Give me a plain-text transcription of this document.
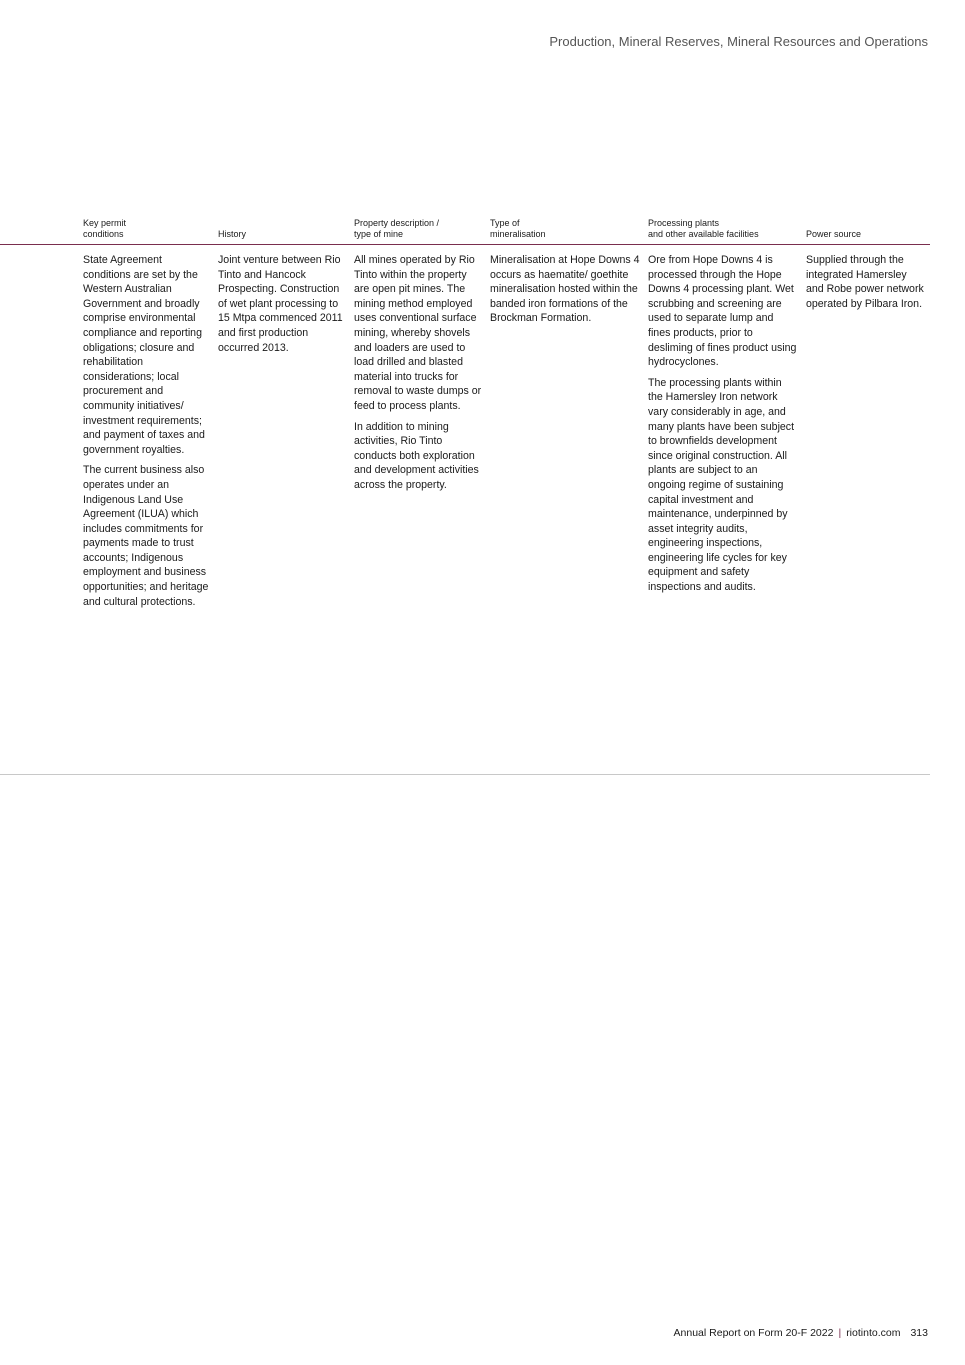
Production, Mineral Reserves, Mineral Resources and Operations
Key permit
conditions	History
Property description /
type of mine
Type of
mineralisation
Processing plants
and other available facilities	Power source

State Agreement conditions are set by the Western Australian Government and broadly comprise environmental compliance and reporting obligations; closure and rehabilitation considerations; local procurement and community initiatives/ investment requirements; and payment of taxes and government royalties.

The current business also operates under an Indigenous Land Use Agreement (ILUA) which includes commitments for payments made to trust accounts; Indigenous employment and business opportunities; and heritage and cultural protections.

Joint venture between Rio Tinto and Hancock Prospecting. Construction of wet plant processing to 15 Mtpa commenced 2011 and first production occurred 2013.

All mines operated by Rio Tinto within the property are open pit mines. The mining method employed uses conventional surface mining, whereby shovels and loaders are used to load drilled and blasted material into trucks for removal to waste dumps or feed to process plants.

In addition to mining activities, Rio Tinto conducts both exploration and development activities across the property.

Mineralisation at Hope Downs 4 occurs as haematite/ goethite mineralisation hosted within the banded iron formations of the Brockman Formation.

Ore from Hope Downs 4 is processed through the Hope Downs 4 processing plant. Wet scrubbing and screening are used to separate lump and fines products, prior to desliming of fines product using hydrocyclones.

The processing plants within the Hamersley Iron network vary considerably in age, and many plants have been subject to brownfields development since original construction. All plants are subject to an ongoing regime of sustaining capital investment and maintenance, underpinned by asset integrity audits, engineering inspections, engineering life cycles for key equipment and safety inspections and audits.

Supplied through the integrated Hamersley and Robe power network operated by Pilbara Iron.

Annual Report on Form 20-F 2022 | riotinto.com 313
